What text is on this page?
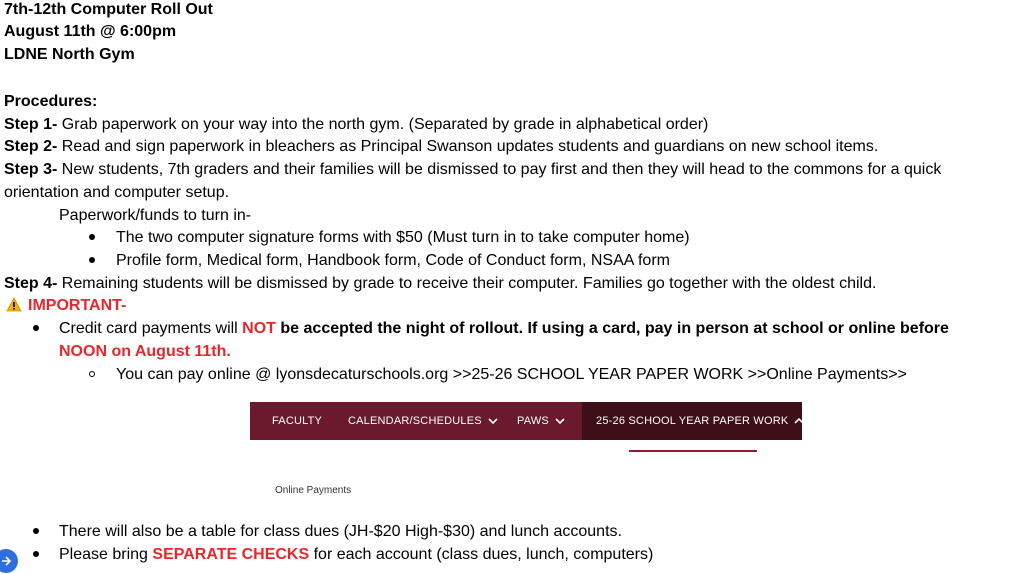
7th-12th Computer Roll Out
August 11th @ 6:00pm
LDNE North Gym
Procedures:
Step 1- Grab paperwork on your way into the north gym. (Separated by grade in alphabetical order)
Step 2- Read and sign paperwork in bleachers as Principal Swanson updates students and guardians on new school items.
Step 3- New students, 7th graders and their families will be dismissed to pay first and then they will head to the commons for a quick
orientation and computer setup.
Paperwork/funds to turn in-
The two computer signature forms with $50 (Must turn in to take computer home)
Profile form, Medical form, Handbook form, Code of Conduct form, NSAA form
Step 4- Remaining students will be dismissed by grade to receive their computer. Families go together with the oldest child.
IMPORTANT-
Credit card payments will NOT be accepted the night of rollout. If using a card, pay in person at school or online before
NOON on August 11th.
You can pay online @ lyonsdecaturschools.org >>25-26 SCHOOL YEAR PAPER WORK >>Online Payments>>
FACULTY CALENDAR/SCHEDULES	PAWS	25-26 SCHOOL YEAR PAPER WORK
Online Payments
There will also be a table for class dues (JH-$20 High-$30) and lunch accounts.
Please bring SEPARATE CHECKS for each account (class dues, lunch, computers)
